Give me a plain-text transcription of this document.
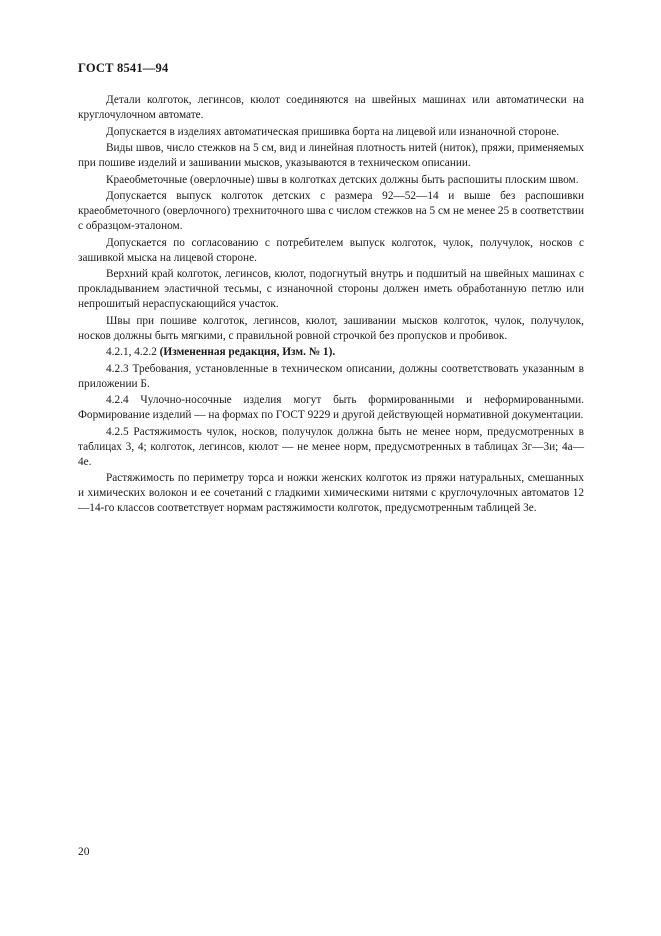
ГОСТ 8541—94

Детали колготок, легинсов, кюлот соединяются на швейных машинах или автоматически на круглочулочном автомате.

Допускается в изделиях автоматическая пришивка борта на лицевой или изнаночной стороне.

Виды швов, число стежков на 5 см, вид и линейная плотность нитей (ниток), пряжи, применяемых при пошиве изделий и зашивании мысков, указываются в техническом описании.

Краеобметочные (оверлочные) швы в колготках детских должны быть распошиты плоским швом.

Допускается выпуск колготок детских с размера 92—52—14 и выше без распошивки краеобметочного (оверлочного) трехниточного шва с числом стежков на 5 см не менее 25 в соответствии с образцом-эталоном.

Допускается по согласованию с потребителем выпуск колготок, чулок, получулок, носков с зашивкой мыска на лицевой стороне.

Верхний край колготок, легинсов, кюлот, подогнутый внутрь и подшитый на швейных машинах с прокладыванием эластичной тесьмы, с изнаночной стороны должен иметь обработанную петлю или непрошитый нераспускающийся участок.

Швы при пошиве колготок, легинсов, кюлот, зашивании мысков колготок, чулок, получулок, носков должны быть мягкими, с правильной ровной строчкой без пропусков и пробивок.

4.2.1, 4.2.2 (Измененная редакция, Изм. № 1).

4.2.3 Требования, установленные в техническом описании, должны соответствовать указанным в приложении Б.

4.2.4 Чулочно-носочные изделия могут быть формированными и неформированными. Формирование изделий — на формах по ГОСТ 9229 и другой действующей нормативной документации.

4.2.5 Растяжимость чулок, носков, получулок должна быть не менее норм, предусмотренных в таблицах 3, 4; колготок, легинсов, кюлот — не менее норм, предусмотренных в таблицах 3г—3и; 4а—4е.

Растяжимость по периметру торса и ножки женских колготок из пряжи натуральных, смешанных и химических волокон и ее сочетаний с гладкими химическими нитями с круглочулочных автоматов 12—14-го классов соответствует нормам растяжимости колготок, предусмотренным таблицей 3е.

20
